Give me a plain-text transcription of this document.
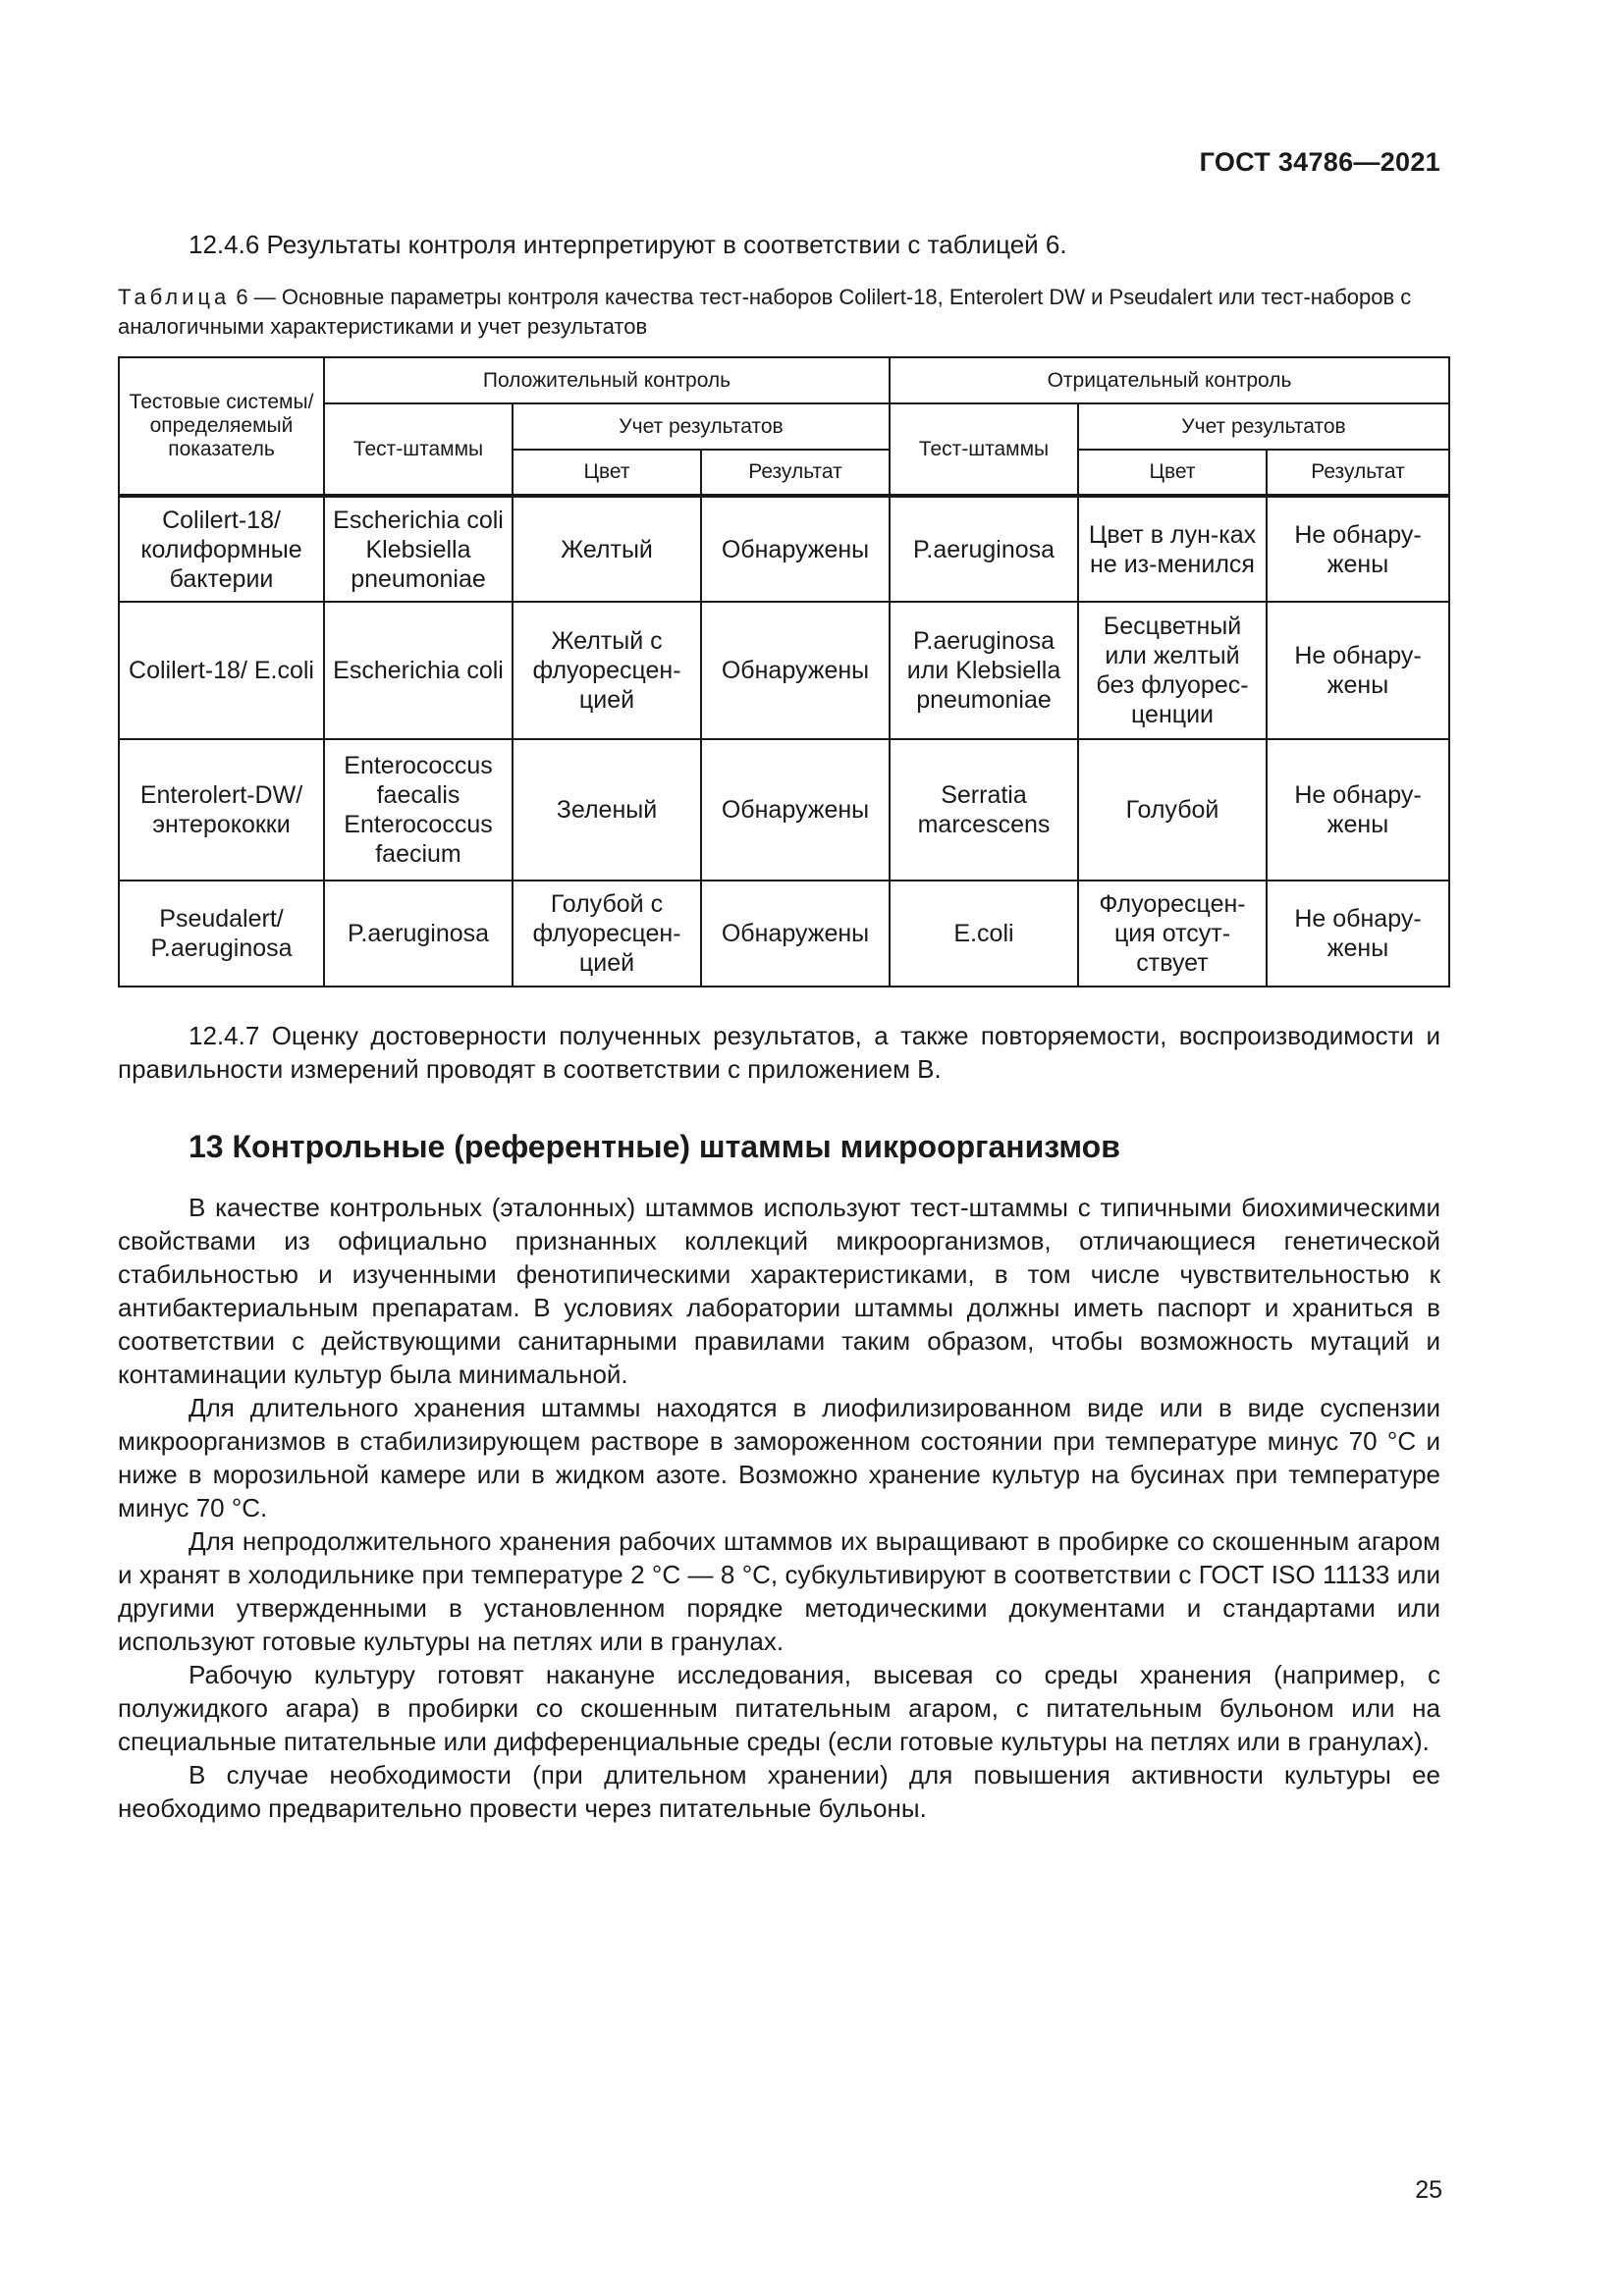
ГОСТ 34786—2021

12.4.6 Результаты контроля интерпретируют в соответствии с таблицей 6.

Таблица 6 — Основные параметры контроля качества тест-наборов Colilert-18, Enterolert DW и Pseudalert или тест-наборов с аналогичными характеристиками и учет результатов

Тестовые системы/ определяемый показатель	Положительный контроль			Отрицательный контроль		
	Тест-штаммы	Учет результатов		Тест-штаммы	Учет результатов	
		Цвет	Результат		Цвет	Результат
Colilert-18/ колиформные бактерии	Escherichia coli Klebsiella pneumoniae	Желтый	Обнаружены	P.aeruginosa	Цвет в лун-ках не из-менился	Не обнару-жены
Colilert-18/ E.coli	Escherichia coli	Желтый с флуоресцен-цией	Обнаружены	P.aeruginosa или Klebsiella pneumoniae	Бесцветный или желтый без флуорес-ценции	Не обнару-жены
Enterolert-DW/ энтерококки	Enterococcus faecalis Enterococcus faecium	Зеленый	Обнаружены	Serratia marcescens	Голубой	Не обнару-жены
Pseudalert/ P.aeruginosa	P.aeruginosa	Голубой с флуоресцен-цией	Обнаружены	E.coli	Флуоресцен-ция отсут-ствует	Не обнару-жены

12.4.7 Оценку достоверности полученных результатов, а также повторяемости, воспроизводимости и правильности измерений проводят в соответствии с приложением В.

13 Контрольные (референтные) штаммы микроорганизмов

В качестве контрольных (эталонных) штаммов используют тест-штаммы с типичными биохимическими свойствами из официально признанных коллекций микроорганизмов, отличающиеся генетической стабильностью и изученными фенотипическими характеристиками, в том числе чувствительностью к антибактериальным препаратам. В условиях лаборатории штаммы должны иметь паспорт и храниться в соответствии с действующими санитарными правилами таким образом, чтобы возможность мутаций и контаминации культур была минимальной.

Для длительного хранения штаммы находятся в лиофилизированном виде или в виде суспензии микроорганизмов в стабилизирующем растворе в замороженном состоянии при температуре минус 70 °С и ниже в морозильной камере или в жидком азоте. Возможно хранение культур на бусинах при температуре минус 70 °С.

Для непродолжительного хранения рабочих штаммов их выращивают в пробирке со скошенным агаром и хранят в холодильнике при температуре 2 °С — 8 °С, субкультивируют в соответствии с ГОСТ ISO 11133 или другими утвержденными в установленном порядке методическими документами и стандартами или используют готовые культуры на петлях или в гранулах.

Рабочую культуру готовят накануне исследования, высевая со среды хранения (например, с полужидкого агара) в пробирки со скошенным питательным агаром, с питательным бульоном или на специальные питательные или дифференциальные среды (если готовые культуры на петлях или в гранулах).

В случае необходимости (при длительном хранении) для повышения активности культуры ее необходимо предварительно провести через питательные бульоны.

25
